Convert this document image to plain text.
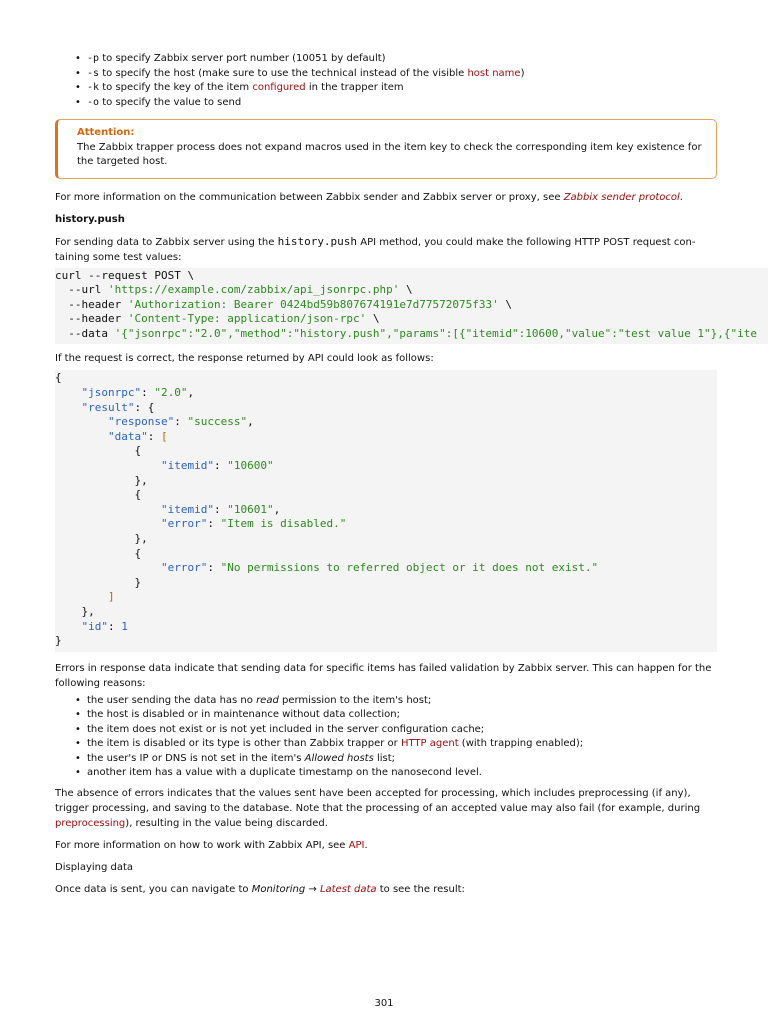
• -p to specify Zabbix server port number (10051 by default)
• -s to specify the host (make sure to use the technical instead of the visible host name)
• -k to specify the key of the item configured in the trapper item
• -o to specify the value to send
Attention:
The Zabbix trapper process does not expand macros used in the item key to check the corresponding item key existence for the targeted host.

For more information on the communication between Zabbix sender and Zabbix server or proxy, see Zabbix sender protocol.

history.push

For sending data to Zabbix server using the history.push API method, you could make the following HTTP POST request con-taining some test values:

curl --request POST \
--url 'https://example.com/zabbix/api_jsonrpc.php' \
--header 'Authorization: Bearer 0424bd59b807674191e7d77572075f33' \
--header 'Content-Type: application/json-rpc' \
--data '{"jsonrpc":"2.0","method":"history.push","params":[{"itemid":10600,"value":"test value 1"},{"ite

If the request is correct, the response returned by API could look as follows:

{
"jsonrpc": "2.0",
"result": {
"response": "success",
"data": [
{
"itemid": "10600"
},
{
"itemid": "10601",
"error": "Item is disabled."
},
{
"error": "No permissions to referred object or it does not exist."
}
]
},
"id": 1
}

Errors in response data indicate that sending data for specific items has failed validation by Zabbix server. This can happen for the following reasons:

• the user sending the data has no read permission to the item's host;
• the host is disabled or in maintenance without data collection;
• the item does not exist or is not yet included in the server configuration cache;
• the item is disabled or its type is other than Zabbix trapper or HTTP agent (with trapping enabled);
• the user's IP or DNS is not set in the item's Allowed hosts list;
• another item has a value with a duplicate timestamp on the nanosecond level.

The absence of errors indicates that the values sent have been accepted for processing, which includes preprocessing (if any), trigger processing, and saving to the database. Note that the processing of an accepted value may also fail (for example, during preprocessing), resulting in the value being discarded.

For more information on how to work with Zabbix API, see API.

Displaying data

Once data is sent, you can navigate to Monitoring → Latest data to see the result:

301
